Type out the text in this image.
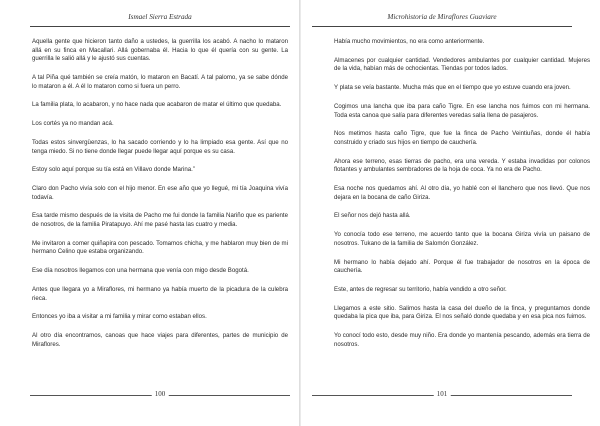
Ismael Sierra Estrada

Aquella gente que hicieron tanto daño a ustedes, la guerrilla los acabó. A nacho lo mataron allá en su finca en Macallari. Allá gobernaba él. Hacia lo que él quería con su gente. La guerrilla le salió allá y le ajustó sus cuentas.

A tal Piña qué también se creía matón, lo mataron en Bacatí. A tal palomo, ya se sabe dónde lo mataron a él. A él lo mataron como si fuera un perro.

La familia plata, lo acabaron, y no hace nada que acabaron de matar el último que quedaba.

Los cortés ya no mandan acá.

Todas estos sinvergüenzas, lo ha sacado corriendo y lo ha limpiado esa gente. Así que no tenga miedo. Si no tiene donde llegar puede llegar aquí porque es su casa.

Estoy solo aquí porque su tía está en Villavo donde Marina.”

Claro don Pacho vivía solo con el hijo menor. En ese año que yo llegué, mi tía Joaquina vivía todavía.

Esa tarde mismo después de la visita de Pacho me fui donde la familia Nariño que es pariente de nosotros, de la familia Piratapuyo. Ahí me pasé hasta las cuatro y media.

Me invitaron a comer quiñapira con pescado. Tomamos chicha, y me hablaron muy bien de mi hermano Celino que estaba organizando.

Ese día nosotros llegamos con una hermana que venía con migo desde Bogotá.

Antes que llegara yo a Miraflores, mi hermano ya había muerto de la picadura de la culebra rieca.

Entonces yo iba a visitar a mi familia y mirar como estaban ellos.

Al otro día encontramos, canoas que hace viajes para diferentes, partes de municipio de Miraflores.

100
Microhistoria de Miraflores Guaviare

Había mucho movimientos, no era como anteriormente.

Almacenes por cualquier cantidad. Vendedores ambulantes por cualquier cantidad. Mujeres de la vida, habían más de ochocientas. Tiendas por todos lados.

Y plata se veía bastante. Mucha más que en el tiempo que yo estuve cuando era joven.

Cogimos una lancha que iba para caño Tigre. En ese lancha nos fuimos con mi hermana. Toda esta canoa que salía para diferentes veredas salía llena de pasajeros.

Nos metimos hasta caño Tigre, que fue la finca de Pacho Veintiuñas, donde él había construido y criado sus hijos en tiempo de cauchería.

Ahora ese terreno, esas tierras de pacho, era una vereda. Y estaba invadidas por colonos flotantes y ambulantes sembradores de la hoja de coca. Ya no era de Pacho.

Esa noche nos quedamos ahí. Al otro día, yo hablé con el llanchero que nos llevó. Que nos dejara en la bocana de caño Giriza.

El señor nos dejó hasta allá.

Yo conocía todo ese terreno, me acuerdo tanto que la bocana Giriza vivía un paisano de nosotros. Tukano de la familia de Salomón González.

Mi hermano lo había dejado ahí. Porque él fue trabajador de nosotros en la época de cauchería.

Este, antes de regresar su territorio, había vendido a otro señor.

Llegamos a este sitio. Salimos hasta la casa del dueño de la finca, y preguntamos donde quedaba la pica que iba, para Giriza. El nos señaló donde quedaba y en esa pica nos fuimos.

Yo conocí todo esto, desde muy niño. Era donde yo mantenía pescando, además era tierra de nosotros.

101
